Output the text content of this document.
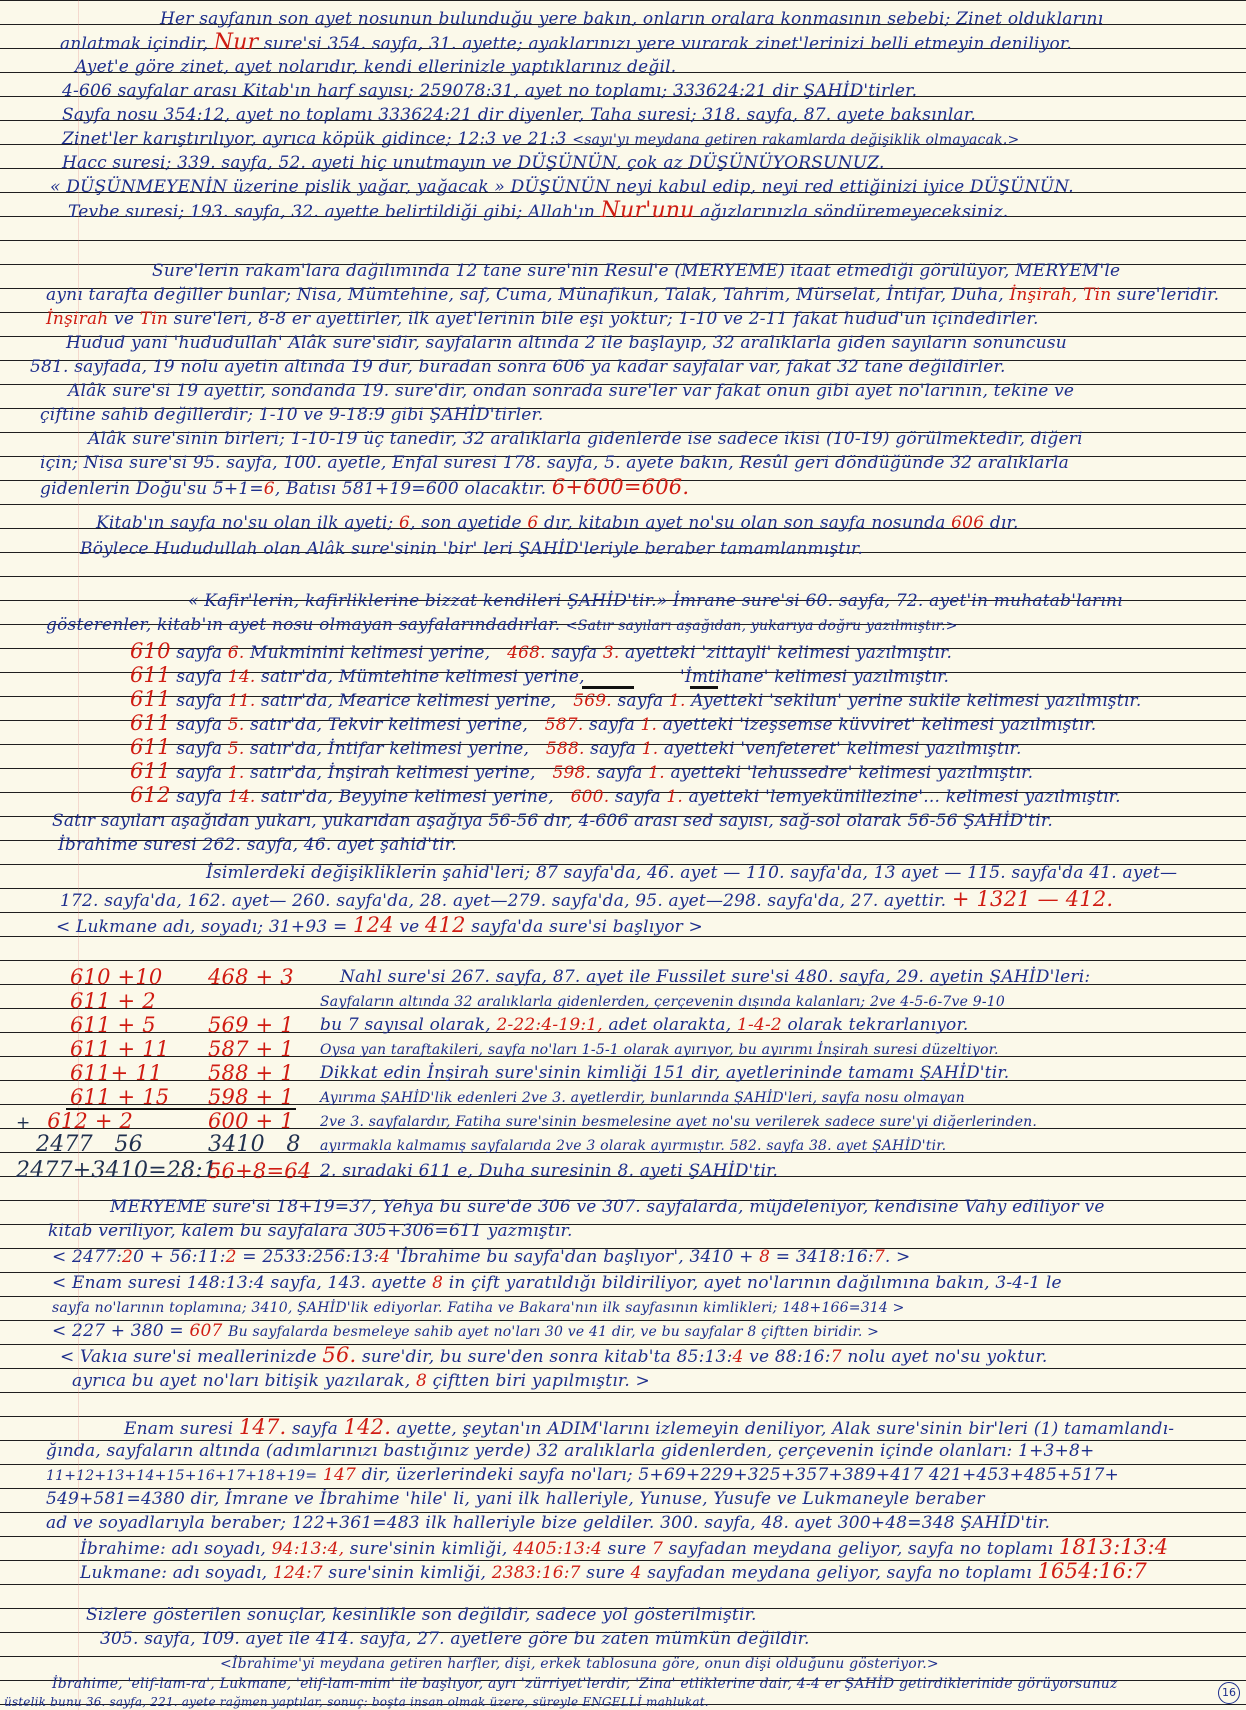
16
Her sayfanın son ayet nosunun bulunduğu yere bakın, onların oralara konmasının sebebi; Zinet olduklarını
anlatmak içindir, Nur sure'si 354. sayfa, 31. ayette; ayaklarınızı yere vurarak zinet'lerinizi belli etmeyin deniliyor.
Ayet'e göre zinet, ayet nolarıdır, kendi ellerinizle yaptıklarınız değil.
4-606 sayfalar arası Kitab'ın harf sayısı; 259078:31, ayet no toplamı; 333624:21 dir ŞAHİD'tirler.
Sayfa nosu 354:12, ayet no toplamı 333624:21 dir diyenler, Taha suresi; 318. sayfa, 87. ayete baksınlar.
Zinet'ler karıştırılıyor, ayrıca köpük gidince; 12:3 ve 21:3 <sayı'yı meydana getiren rakamlarda değişiklik olmayacak.>
Hacc suresi; 339. sayfa, 52. ayeti hiç unutmayın ve DÜŞÜNÜN, çok az DÜŞÜNÜYORSUNUZ.
« DÜŞÜNMEYENİN üzerine pislik yağar, yağacak » DÜŞÜNÜN neyi kabul edip, neyi red ettiğinizi iyice DÜŞÜNÜN.
Tevbe suresi; 193. sayfa, 32. ayette belirtildiği gibi; Allah'ın Nur'unu ağızlarınızla söndüremeyeceksiniz.
Sure'lerin rakam'lara dağılımında 12 tane sure'nin Resul'e (MERYEME) itaat etmediği görülüyor, MERYEM'le
aynı tarafta değiller bunlar; Nisa, Mümtehine, saf, Cuma, Münafikun, Talak, Tahrim, Mürselat, İntifar, Duha, İnşirah, Tin sure'leridir.
İnşirah ve Tin sure'leri, 8-8 er ayettirler, ilk ayet'lerinin bile eşi yoktur; 1-10 ve 2-11 fakat hudud'un içindedirler.
Hudud yani 'hududullah' Alâk sure'sidir, sayfaların altında 2 ile başlayıp, 32 aralıklarla giden sayıların sonuncusu
581. sayfada, 19 nolu ayetin altında 19 dur, buradan sonra 606 ya kadar sayfalar var, fakat 32 tane değildirler.
Alâk sure'si 19 ayettir, sondanda 19. sure'dir, ondan sonrada sure'ler var fakat onun gibi ayet no'larının, tekine ve
çiftine sahib değillerdir; 1-10 ve 9-18:9 gibi ŞAHİD'tirler.
Alâk sure'sinin birleri; 1-10-19 üç tanedir, 32 aralıklarla gidenlerde ise sadece ikisi (10-19) görülmektedir, diğeri
için; Nisa sure'si 95. sayfa, 100. ayetle, Enfal suresi 178. sayfa, 5. ayete bakın, Resûl geri döndüğünde 32 aralıklarla
gidenlerin Doğu'su 5+1=6, Batısı 581+19=600 olacaktır. 6+600=606.
Kitab'ın sayfa no'su olan ilk ayeti; 6, son ayetide 6 dır, kitabın ayet no'su olan son sayfa nosunda 606 dır.
Böylece Hududullah olan Alâk sure'sinin 'bir' leri ŞAHİD'leriyle beraber tamamlanmıştır.
« Kafir'lerin, kafirliklerine bizzat kendileri ŞAHİD'tir.» İmrane sure'si 60. sayfa, 72. ayet'in muhatab'larını
gösterenler, kitab'ın ayet nosu olmayan sayfalarındadırlar. <Satır sayıları aşağıdan, yukarıya doğru yazılmıştır.>
610 sayfa 6. Mukminini kelimesi yerine,   468. sayfa 3. ayetteki 'zittayli' kelimesi yazılmıştır.
611 sayfa 14. satır'da, Mümtehine kelimesi yerine,                 'İmtihane' kelimesi yazılmıştır.
611 sayfa 11. satır'da, Mearice kelimesi yerine,   569. sayfa 1. Ayetteki 'sekilun' yerine sukile kelimesi yazılmıştır.
611 sayfa 5. satır'da, Tekvir kelimesi yerine,   587. sayfa 1. ayetteki 'izeşsemse küvviret' kelimesi yazılmıştır.
611 sayfa 5. satır'da, İntifar kelimesi yerine,   588. sayfa 1. ayetteki 'venfeteret' kelimesi yazılmıştır.
611 sayfa 1. satır'da, İnşirah kelimesi yerine,   598. sayfa 1. ayetteki 'lehussedre' kelimesi yazılmıştır.
612 sayfa 14. satır'da, Beyyine kelimesi yerine,   600. sayfa 1. ayetteki 'lemyekünillezine'... kelimesi yazılmıştır.
Satır sayıları aşağıdan yukarı, yukarıdan aşağıya 56-56 dır, 4-606 arası sed sayısı, sağ-sol olarak 56-56 ŞAHİD'tir.
İbrahime suresi 262. sayfa, 46. ayet şahid'tir.
İsimlerdeki değişikliklerin şahid'leri; 87 sayfa'da, 46. ayet — 110. sayfa'da, 13 ayet — 115. sayfa'da 41. ayet—
172. sayfa'da, 162. ayet— 260. sayfa'da, 28. ayet—279. sayfa'da, 95. ayet—298. sayfa'da, 27. ayettir. + 1321 — 412.
< Lukmane adı, soyadı; 31+93 = 124 ve 412 sayfa'da sure'si başlıyor >
610 +10
611 + 2
611 + 5
611 + 11
611+ 11
611 + 15
+ 612 + 2
2477   56
2477+3410=28:1
468 + 3
569 + 1
587 + 1
588 + 1
598 + 1
600 + 1
3410   8
56+8=64
Nahl sure'si 267. sayfa, 87. ayet ile Fussilet sure'si 480. sayfa, 29. ayetin ŞAHİD'leri:
Sayfaların altında 32 aralıklarla gidenlerden, çerçevenin dışında kalanları; 2ve 4-5-6-7ve 9-10
bu 7 sayısal olarak, 2-22:4-19:1, adet olarakta, 1-4-2 olarak tekrarlanıyor.
Oysa yan taraftakileri, sayfa no'ları 1-5-1 olarak ayırıyor, bu ayırımı İnşirah suresi düzeltiyor.
Dikkat edin İnşirah sure'sinin kimliği 151 dir, ayetlerininde tamamı ŞAHİD'tir.
Ayırıma ŞAHİD'lik edenleri 2ve 3. ayetlerdir, bunlarında ŞAHİD'leri, sayfa nosu olmayan
2ve 3. sayfalardır, Fatiha sure'sinin besmelesine ayet no'su verilerek sadece sure'yi diğerlerinden.
ayırmakla kalmamış sayfalarıda 2ve 3 olarak ayırmıştır. 582. sayfa 38. ayet ŞAHİD'tir.
2. sıradaki 611 e, Duha suresinin 8. ayeti ŞAHİD'tir.
MERYEME sure'si 18+19=37, Yehya bu sure'de 306 ve 307. sayfalarda, müjdeleniyor, kendisine Vahy ediliyor ve
kitab veriliyor, kalem bu sayfalara 305+306=611 yazmıştır.
< 2477:20 + 56:11:2 = 2533:256:13:4 'İbrahime bu sayfa'dan başlıyor', 3410 + 8 = 3418:16:7. >
< Enam suresi 148:13:4 sayfa, 143. ayette 8 in çift yaratıldığı bildiriliyor, ayet no'larının dağılımına bakın, 3-4-1 le
sayfa no'larının toplamına; 3410, ŞAHİD'lik ediyorlar. Fatiha ve Bakara'nın ilk sayfasının kimlikleri; 148+166=314 >
< 227 + 380 = 607 Bu sayfalarda besmeleye sahib ayet no'ları 30 ve 41 dir, ve bu sayfalar 8 çiftten biridir. >
< Vakıa sure'si meallerinizde 56. sure'dir, bu sure'den sonra kitab'ta 85:13:4 ve 88:16:7 nolu ayet no'su yoktur.
ayrıca bu ayet no'ları bitişik yazılarak, 8 çiftten biri yapılmıştır. >
Enam suresi 147. sayfa 142. ayette, şeytan'ın ADIM'larını izlemeyin deniliyor, Alak sure'sinin bir'leri (1) tamamlandı-
ğında, sayfaların altında (adımlarınızı bastığınız yerde) 32 aralıklarla gidenlerden, çerçevenin içinde olanları: 1+3+8+
11+12+13+14+15+16+17+18+19= 147 dir, üzerlerindeki sayfa no'ları; 5+69+229+325+357+389+417 421+453+485+517+
549+581=4380 dir, İmrane ve İbrahime 'hile' li, yani ilk halleriyle, Yunuse, Yusufe ve Lukmaneyle beraber
ad ve soyadlarıyla beraber; 122+361=483 ilk halleriyle bize geldiler. 300. sayfa, 48. ayet 300+48=348 ŞAHİD'tir.
İbrahime: adı soyadı, 94:13:4, sure'sinin kimliği, 4405:13:4 sure 7 sayfadan meydana geliyor, sayfa no toplamı 1813:13:4
Lukmane: adı soyadı, 124:7 sure'sinin kimliği, 2383:16:7 sure 4 sayfadan meydana geliyor, sayfa no toplamı 1654:16:7
Sizlere gösterilen sonuçlar, kesinlikle son değildir, sadece yol gösterilmiştir.
305. sayfa, 109. ayet ile 414. sayfa, 27. ayetlere göre bu zaten mümkün değildir.
<İbrahime'yi meydana getiren harfler, dişi, erkek tablosuna göre, onun dişi olduğunu gösteriyor.>
İbrahime, 'elif-lam-ra', Lukmane, 'elif-lam-mim' ile başlıyor, ayrı 'zürriyet'lerdir, 'Zina' etliklerine dair, 4-4 er ŞAHİD getirdiklerinide görüyorsunuz
üstelik bunu 36. sayfa, 221. ayete rağmen yaptılar, sonuç: boşta insan olmak üzere, süreyle ENGELLİ mahlukat.
